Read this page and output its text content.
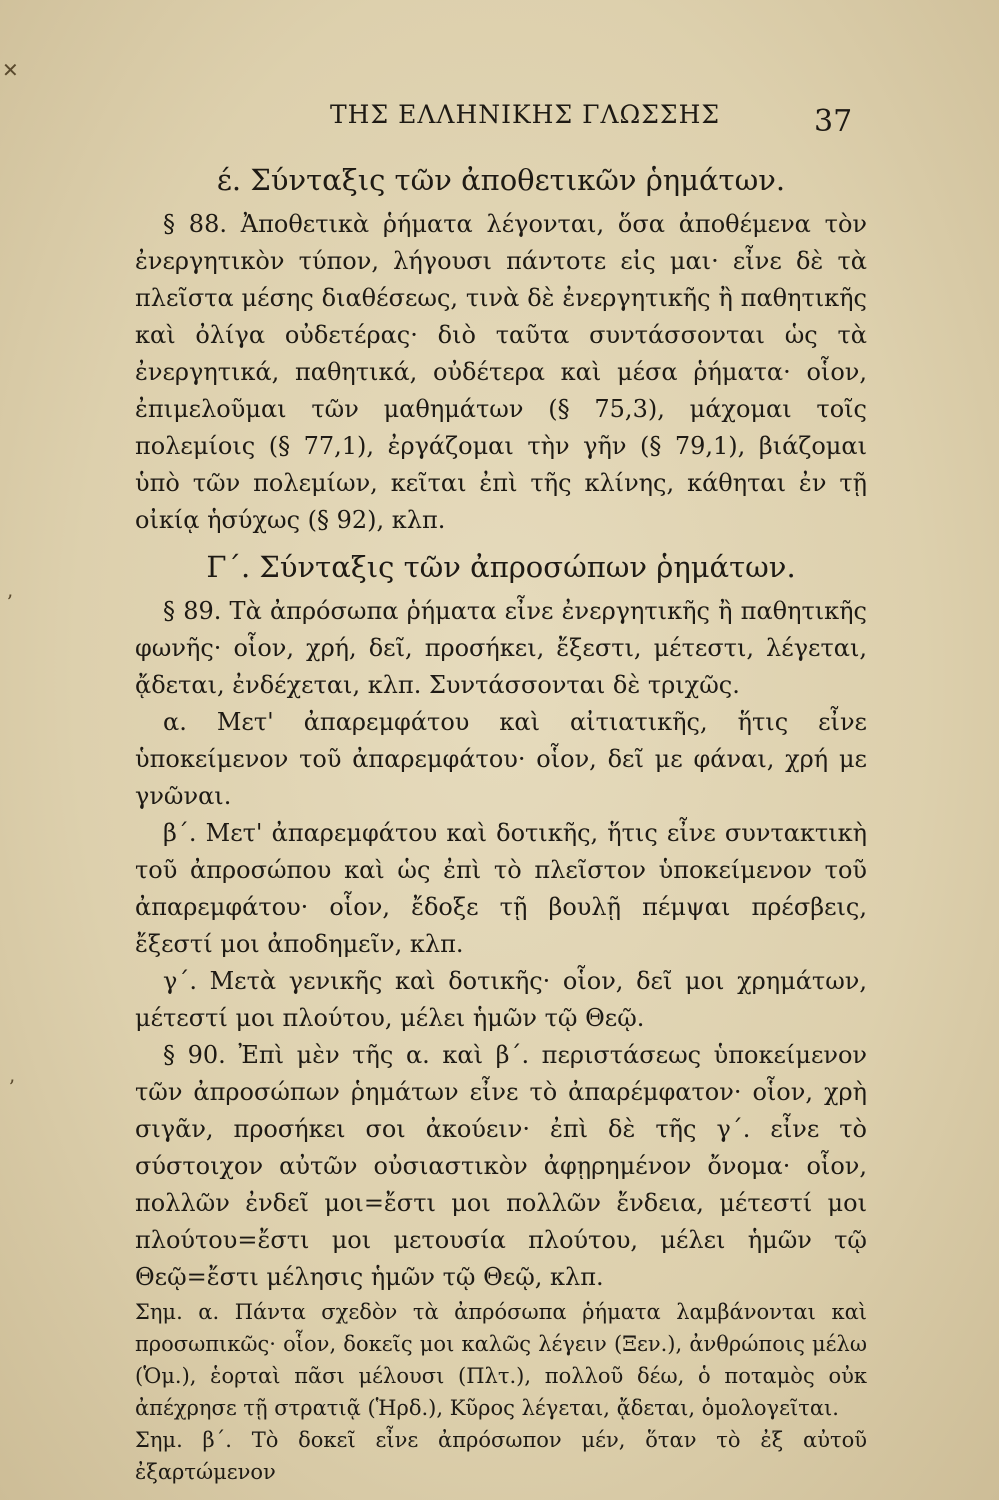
✕
ʼ
ʼ
ΤΗΣ ΕΛΛΗΝΙΚΗΣ ΓΛΩΣΣΗΣ	37
έ. Σύνταξις τῶν ἀποθετικῶν ῥημάτων.

§ 88. Ἀποθετικὰ ῥήματα λέγονται, ὅσα ἀποθέμενα τὸν ἐνεργητικὸν τύπον, λήγουσι πάντοτε εἰς μαι· εἶνε δὲ τὰ πλεῖστα μέσης διαθέσεως, τινὰ δὲ ἐνεργητικῆς ἢ παθητικῆς καὶ ὀλίγα οὐδετέρας· διὸ ταῦτα συντάσσονται ὡς τὰ ἐνεργητικά, παθητικά, οὐδέτερα καὶ μέσα ῥήματα· οἷον, ἐπιμελοῦμαι τῶν μαθημάτων (§ 75,3), μάχομαι τοῖς πολεμίοις (§ 77,1), ἐργάζομαι τὴν γῆν (§ 79,1), βιάζομαι ὑπὸ τῶν πολεμίων, κεῖται ἐπὶ τῆς κλίνης, κάθηται ἐν τῇ οἰκίᾳ ἡσύχως (§ 92), κλπ.

Γ΄. Σύνταξις τῶν ἀπροσώπων ῥημάτων.

§ 89. Τὰ ἀπρόσωπα ῥήματα εἶνε ἐνεργητικῆς ἢ παθητικῆς φωνῆς· οἷον, χρή, δεῖ, προσήκει, ἔξεστι, μέτεστι, λέγεται, ᾄδεται, ἐνδέχεται, κλπ. Συντάσσονται δὲ τριχῶς.

α. Μετ' ἀπαρεμφάτου καὶ αἰτιατικῆς, ἥτις εἶνε ὑποκείμενον τοῦ ἀπαρεμφάτου· οἷον, δεῖ με φάναι, χρή με γνῶναι.

β΄. Μετ' ἀπαρεμφάτου καὶ δοτικῆς, ἥτις εἶνε συντακτικὴ τοῦ ἀπροσώπου καὶ ὡς ἐπὶ τὸ πλεῖστον ὑποκείμενον τοῦ ἀπαρεμφάτου· οἷον, ἔδοξε τῇ βουλῇ πέμψαι πρέσβεις, ἔξεστί μοι ἀποδημεῖν, κλπ.

γ΄. Μετὰ γενικῆς καὶ δοτικῆς· οἷον, δεῖ μοι χρημάτων, μέτεστί μοι πλούτου, μέλει ἡμῶν τῷ Θεῷ.

§ 90. Ἐπὶ μὲν τῆς α. καὶ β΄. περιστάσεως ὑποκείμενον τῶν ἀπροσώπων ῥημάτων εἶνε τὸ ἀπαρέμφατον· οἷον, χρὴ σιγᾶν, προσήκει σοι ἀκούειν· ἐπὶ δὲ τῆς γ΄. εἶνε τὸ σύστοιχον αὐτῶν οὐσιαστικὸν ἀφῃρημένον ὄνομα· οἷον, πολλῶν ἐνδεῖ μοι=ἔστι μοι πολλῶν ἔνδεια, μέτεστί μοι πλούτου=ἔστι μοι μετουσία πλούτου, μέλει ἡμῶν τῷ Θεῷ=ἔστι μέλησις ἡμῶν τῷ Θεῷ, κλπ.

Σημ. α. Πάντα σχεδὸν τὰ ἀπρόσωπα ῥήματα λαμβάνονται καὶ προσωπικῶς· οἷον, δοκεῖς μοι καλῶς λέγειν (Ξεν.), ἀνθρώποις μέλω (Ὁμ.), ἑορταὶ πᾶσι μέλουσι (Πλτ.), πολλοῦ δέω, ὁ ποταμὸς οὐκ ἀπέχρησε τῇ στρατιᾷ (Ἡρδ.), Κῦρος λέγεται, ᾄδεται, ὁμολογεῖται.

Σημ. β΄. Τὸ δοκεῖ εἶνε ἀπρόσωπον μέν, ὅταν τὸ ἐξ αὐτοῦ ἐξαρτώμενον
